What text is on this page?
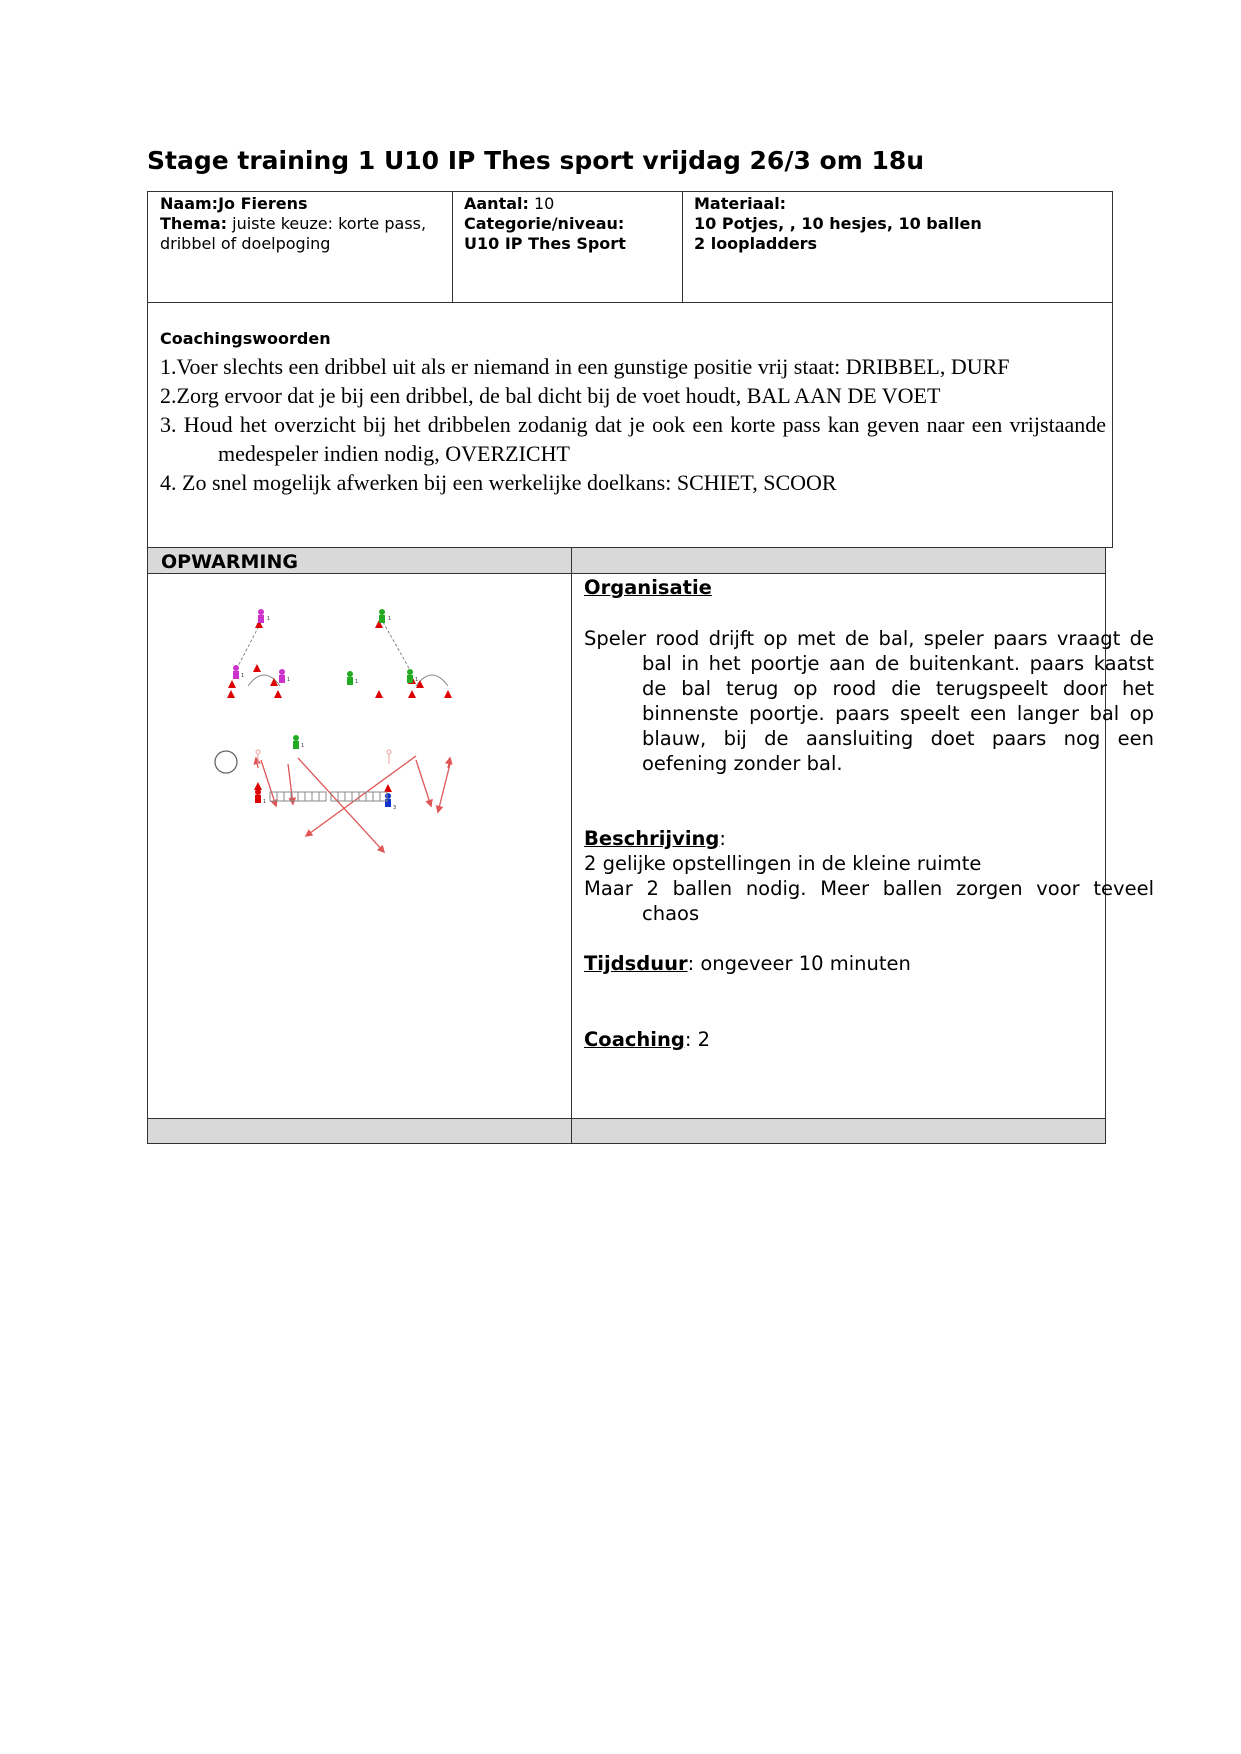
Stage training 1 U10 IP Thes sport vrijdag 26/3 om 18u
Naam:Jo Fierens
Thema: juiste keuze: korte pass,
dribbel of doelpoging
Aantal: 10
Categorie/niveau:
U10 IP Thes Sport
Materiaal:
10 Potjes, , 10 hesjes, 10 ballen
2 loopladders
Coachingswoorden
1.Voer slechts een dribbel uit als er niemand in een gunstige positie vrij staat: DRIBBEL, DURF
2.Zorg ervoor dat je bij een dribbel, de bal dicht bij de voet houdt, BAL AAN DE VOET
3. Houd het overzicht bij het dribbelen zodanig dat je ook een korte pass kan geven naar een vrijstaande medespeler indien nodig, OVERZICHT
4. Zo snel mogelijk afwerken bij een werkelijke doelkans: SCHIET, SCOOR
OPWARMING
Organisatie
Speler rood drijft op met de bal, speler paars vraagt de bal in het poortje aan de buitenkant. paars kaatst de bal terug op rood die terugspeelt door het binnenste poortje. paars speelt een langer bal op blauw, bij de aansluiting doet paars nog een oefening zonder bal.
Beschrijving:
2 gelijke opstellingen in de kleine ruimte
Maar 2 ballen nodig. Meer ballen zorgen voor teveel chaos
Tijdsduur: ongeveer 10 minuten
Coaching: 2
1	1
1
1	1	1
1
1
3
